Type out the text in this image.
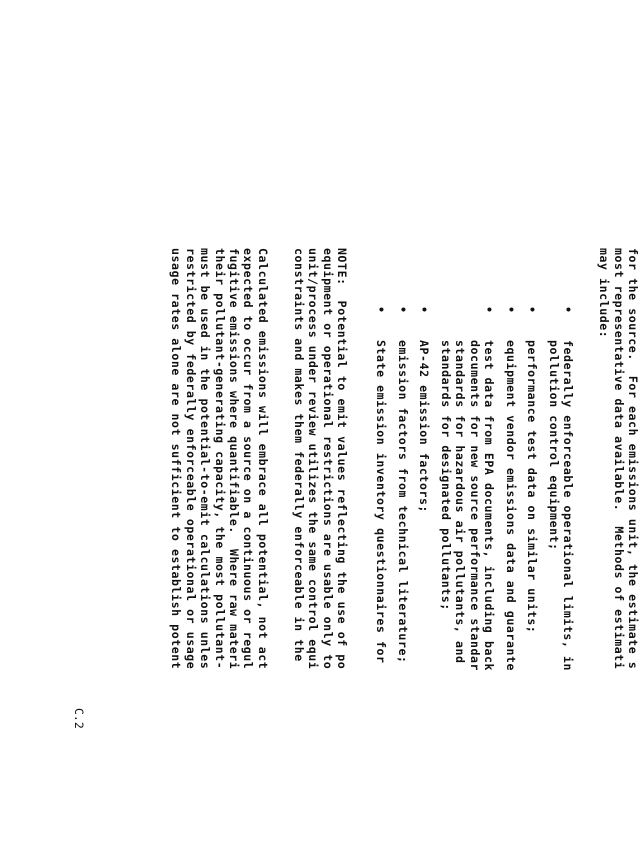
for the source.  For each emissions unit, the estimate s
most representative data available.  Methods of estimati
may include:
•
federally enforceable operational limits, in
pollution control equipment;
•
performance test data on similar units;
•
equipment vendor emissions data and guarante
•
test data from EPA documents, including back
documents for new source performance standar
standards for hazardous air pollutants, and
standards for designated pollutants;
•
AP-42 emission factors;
•
emission factors from technical literature;
•
State emission inventory questionnaires for
NOTE:  Potential to emit values reflecting the use of po
equipment or operational restrictions are usable only to
unit/process under review utilizes the same control equi
constraints and makes them federally enforceable in the
Calculated emissions will embrace all potential, not act
expected to occur from a source on a continuous or regul
fugitive emissions where quantifiable.  Where raw materi
their pollutant-generating capacity, the most pollutant-
must be used in the potential-to-emit calculations unles
restricted by federally enforceable operational or usage
usage rates alone are not sufficient to establish potent
C.2
